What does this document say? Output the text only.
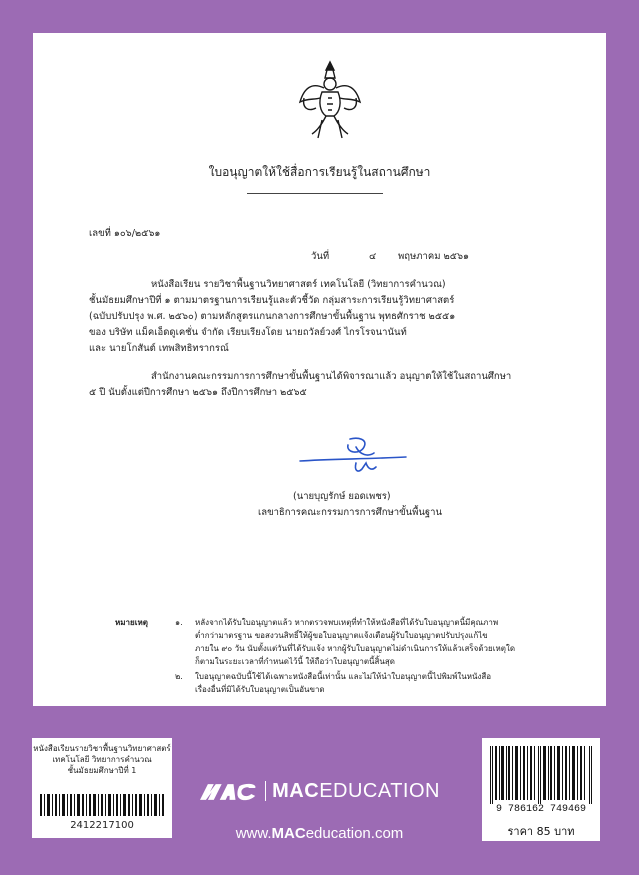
ใบอนุญาตให้ใช้สื่อการเรียนรู้ในสถานศึกษา
เลขที่ ๑๐๖/๒๕๖๑
วันที่	๔ พฤษภาคม ๒๕๖๑
หนังสือเรียน รายวิชาพื้นฐานวิทยาศาสตร์ เทคโนโลยี (วิทยาการคำนวณ)
ชั้นมัธยมศึกษาปีที่ ๑ ตามมาตรฐานการเรียนรู้และตัวชี้วัด กลุ่มสาระการเรียนรู้วิทยาศาสตร์
(ฉบับปรับปรุง พ.ศ. ๒๕๖๐) ตามหลักสูตรแกนกลางการศึกษาขั้นพื้นฐาน พุทธศักราช ๒๕๕๑
ของ บริษัท แม็คเอ็ดดูเคชั่น จำกัด เรียบเรียงโดย นายถวัลย์วงศ์ ไกรโรจนานันท์
และ นายโกสันต์ เทพสิทธิทรากรณ์
สำนักงานคณะกรรมการการศึกษาขั้นพื้นฐานได้พิจารณาแล้ว อนุญาตให้ใช้ในสถานศึกษา
๕ ปี นับตั้งแต่ปีการศึกษา ๒๕๖๑ ถึงปีการศึกษา ๒๕๖๕
(นายบุญรักษ์ ยอดเพชร)
เลขาธิการคณะกรรมการการศึกษาขั้นพื้นฐาน
หมายเหตุ	๑. หลังจากได้รับใบอนุญาตแล้ว หากตรวจพบเหตุที่ทำให้หนังสือที่ได้รับใบอนุญาตนี้มีคุณภาพ
ต่ำกว่ามาตรฐาน ขอสงวนสิทธิ์ให้ผู้ขอใบอนุญาตแจ้งเตือนผู้รับใบอนุญาตปรับปรุงแก้ไข
ภายใน ๙๐ วัน นับตั้งแต่วันที่ได้รับแจ้ง หากผู้รับใบอนุญาตไม่ดำเนินการให้แล้วเสร็จด้วยเหตุใด
ก็ตามในระยะเวลาที่กำหนดไว้นี้ ให้ถือว่าใบอนุญาตนี้สิ้นสุด
๒. ใบอนุญาตฉบับนี้ใช้ได้เฉพาะหนังสือนี้เท่านั้น และไม่ให้นำใบอนุญาตนี้ไปพิมพ์ในหนังสือ
เรื่องอื่นที่มิได้รับใบอนุญาตเป็นอันขาด
หนังสือเรียนรายวิชาพื้นฐานวิทยาศาสตร์
เทคโนโลยี วิทยาการคำนวณ
ชั้นมัธยมศึกษาปีที่ 1
2412217100
MAC EDUCATION
www.MACeducation.com
9 786162 749469
ราคา 85 บาท
